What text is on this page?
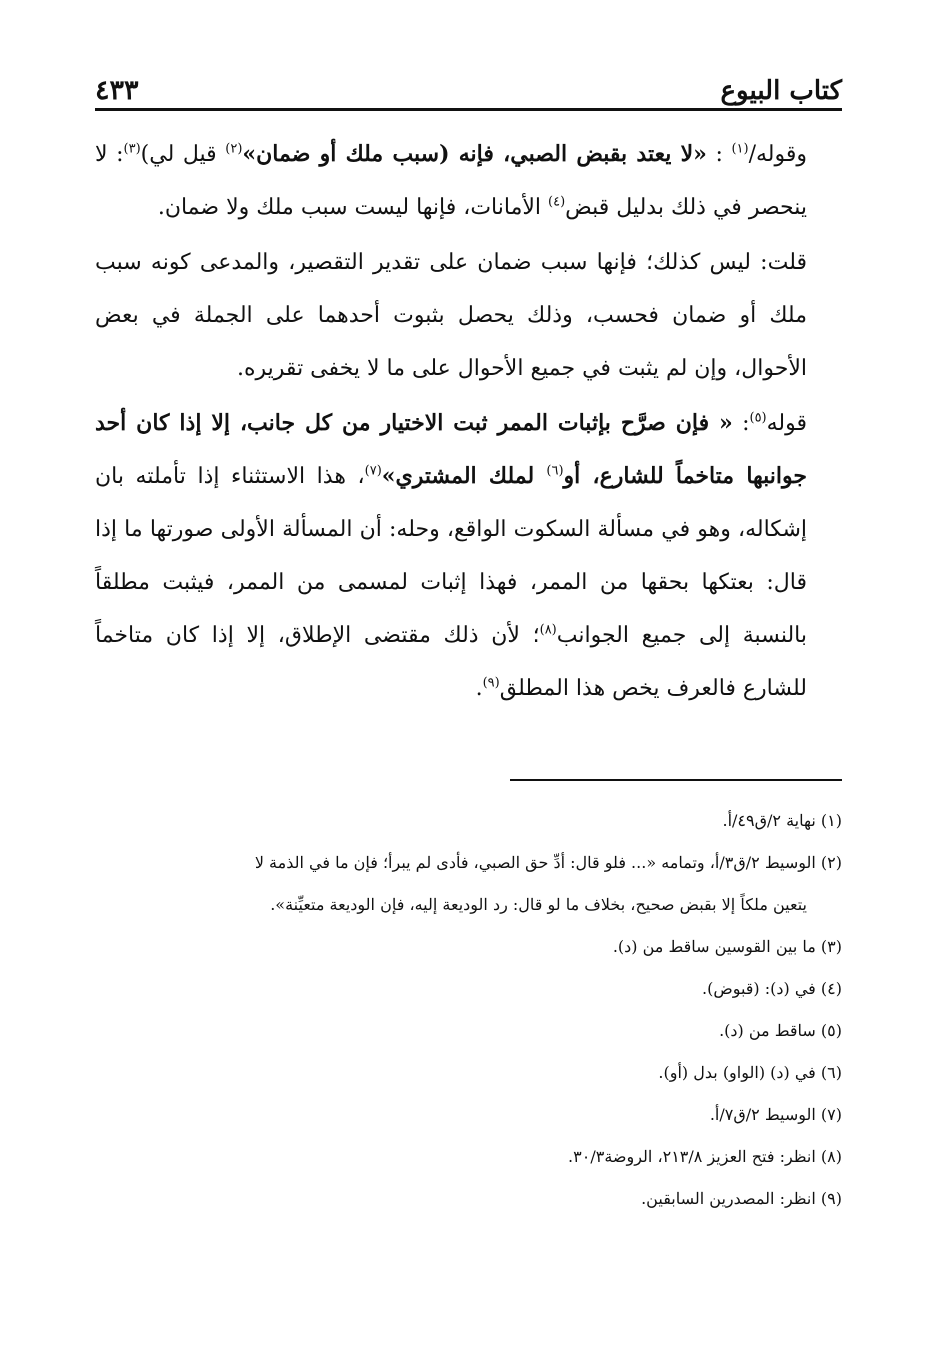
كتاب البيوع
٤٣٣

وقوله/$^{(١)}$ : «لا يعتد بقبض الصبي، فإنه (سبب ملك أو ضمان»$^{(٢)}$ قيل لي)$^{(٣)}$: لا ينحصر في ذلك بدليل قبض$^{(٤)}$ الأمانات، فإنها ليست سبب ملك ولا ضمان.

قلت: ليس كذلك؛ فإنها سبب ضمان على تقدير التقصير، والمدعى كونه سبب ملك أو ضمان فحسب، وذلك يحصل بثبوت أحدهما على الجملة في بعض الأحوال، وإن لم يثبت في جميع الأحوال على ما لا يخفى تقريره.

قوله$^{(٥)}$: « فإن صرَّح بإثبات الممر ثبت الاختيار من كل جانب، إلا إذا كان أحد جوانبها متاخماً للشارع، أو$^{(٦)}$ لملك المشتري»$^{(٧)}$، هذا الاستثناء إذا تأملته بان إشكاله، وهو في مسألة السكوت الواقع، وحله: أن المسألة الأولى صورتها ما إذا قال: بعتكها بحقها من الممر، فهذا إثبات لمسمى من الممر، فيثبت مطلقاً بالنسبة إلى جميع الجوانب$^{(٨)}$؛ لأن ذلك مقتضى الإطلاق، إلا إذا كان متاخماً للشارع فالعرف يخص هذا المطلق$^{(٩)}$.

(١) نهاية ٢/ق٤٩/أ.

(٢) الوسيط ٢/ق٣/أ، وتمامه «... فلو قال: أدِّ حق الصبي، فأدى لم يبرأ؛ فإن ما في الذمة لا

يتعين ملكاً إلا بقبض صحيح، بخلاف ما لو قال: رد الوديعة إليه، فإن الوديعة متعيِّنة».

(٣) ما بين القوسين ساقط من (د).

(٤) في (د): (قبوض).

(٥) ساقط من (د).

(٦) في (د) (الواو) بدل (أو).

(٧) الوسيط ٢/ق٧/أ.

(٨) انظر: فتح العزيز ٢١٣/٨، الروضة٣٠/٣.

(٩) انظر: المصدرين السابقين.
